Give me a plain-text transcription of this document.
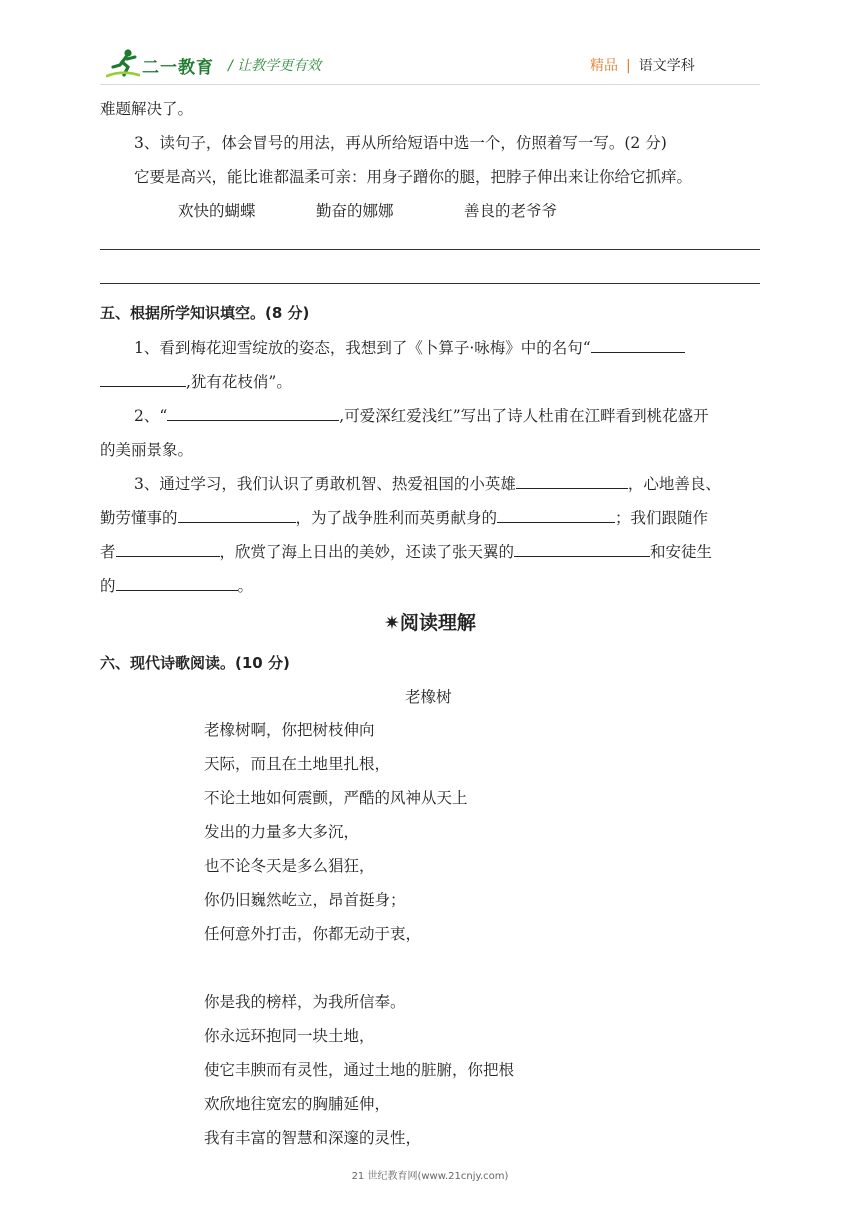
二一教育 / 让教学更有效	精品 | 语文学科
难题解决了。
3、读句子，体会冒号的用法，再从所给短语中选一个，仿照着写一写。(2 分)
它要是高兴，能比谁都温柔可亲：用身子蹭你的腿，把脖子伸出来让你给它抓痒。
欢快的蝴蝶	勤奋的娜娜	善良的老爷爷
五、根据所学知识填空。(8 分)
1、看到梅花迎雪绽放的姿态，我想到了《卜算子·咏梅》中的名句“
,犹有花枝俏”。
2、“	,可爱深红爱浅红”写出了诗人杜甫在江畔看到桃花盛开
的美丽景象。
3、通过学习，我们认识了勇敢机智、热爱祖国的小英雄	，心地善良、
勤劳懂事的	，为了战争胜利而英勇献身的	；我们跟随作
者	，欣赏了海上日出的美妙，还读了张天翼的	和安徒生
的	。
✷阅读理解
六、现代诗歌阅读。(10 分)
老橡树
老橡树啊，你把树枝伸向
天际，而且在土地里扎根，
不论土地如何震颤，严酷的风神从天上
发出的力量多大多沉，
也不论冬天是多么猖狂，
你仍旧巍然屹立，昂首挺身；
任何意外打击，你都无动于衷，
你是我的榜样，为我所信奉。
你永远环抱同一块土地，
使它丰腴而有灵性，通过土地的脏腑，你把根
欢欣地往宽宏的胸脯延伸，
我有丰富的智慧和深邃的灵性，
21 世纪教育网(www.21cnjy.com)
